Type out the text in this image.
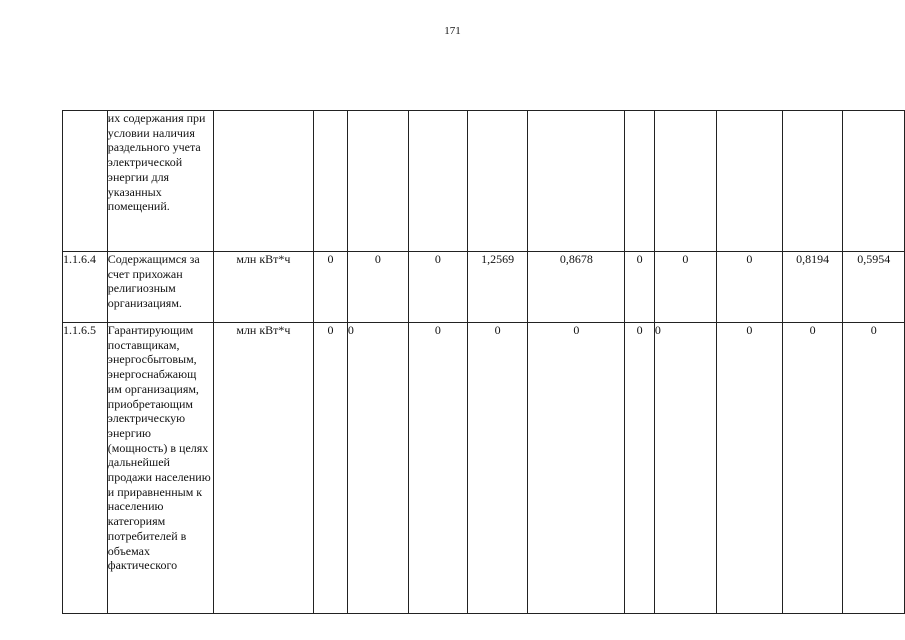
171
	их содержания при условии наличия раздельного учета электрической энергии для указанных помещений.											
1.1.6.4	Содержащимся за счет прихожан религиозным организациям.	млн кВт*ч	0	0	0	1,2569	0,8678	0	0	0	0,8194	0,5954
1.1.6.5	Гарантирующим поставщикам, энергосбытовым, энергоснабжающ им организациям, приобретающим электрическую энергию (мощность) в целях дальнейшей продажи населению и приравненным к населению категориям потребителей в объемах фактического	млн кВт*ч	0	0	0	0	0	0	0	0	0	0
